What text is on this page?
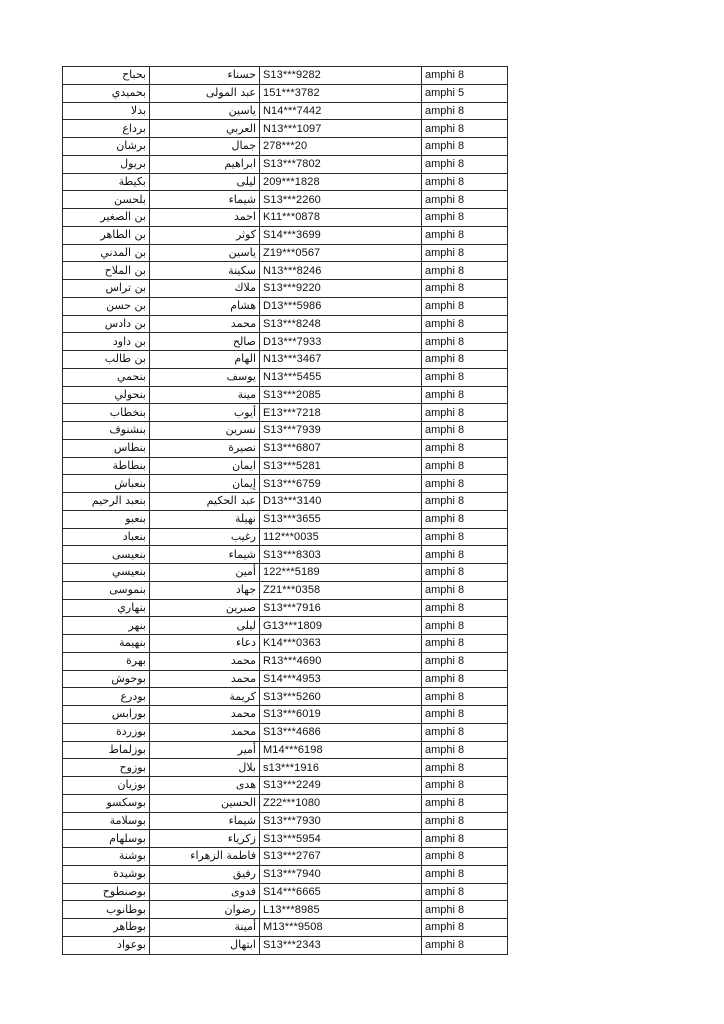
بحباح	حسناء	S13***9282	amphi 8
بحميدي	عبد المولى	151***3782	amphi 5
بدلا	ياسين	N14***7442	amphi 8
برداع	العربي	N13***1097	amphi 8
برشان	جمال	278***20	amphi 8
بريول	ابراهيم	S13***7802	amphi 8
بكيطة	ليلى	209***1828	amphi 8
بلحسن	شيماء	S13***2260	amphi 8
بن الصغير	احمد	K11***0878	amphi 8
بن الطاهر	كوثر	S14***3699	amphi 8
بن المدني	ياسين	Z19***0567	amphi 8
بن الملاح	سكينة	N13***8246	amphi 8
بن تراس	ملاك	S13***9220	amphi 8
بن حسن	هشام	D13***5986	amphi 8
بن دادس	محمد	S13***8248	amphi 8
بن داود	صالح	D13***7933	amphi 8
بن طالب	الهام	N13***3467	amphi 8
بنحمي	يوسف	N13***5455	amphi 8
بنحولي	مينة	S13***2085	amphi 8
بنخطاب	أيوب	E13***7218	amphi 8
بنشنوف	نسرين	S13***7939	amphi 8
بنطاس	نصيرة	S13***6807	amphi 8
بنطاطة	ايمان	S13***5281	amphi 8
بنعباش	إيمان	S13***6759	amphi 8
بنعبد الرحيم	عبد الحكيم	D13***3140	amphi 8
بنعبو	نهيلة	S13***3655	amphi 8
بنعباد	رغيب	112***0035	amphi 8
بنعيسى	شيماء	S13***8303	amphi 8
بنعيسي	أمين	122***5189	amphi 8
بنموسى	جهاد	Z21***0358	amphi 8
بنهاري	صبرين	S13***7916	amphi 8
بنهر	ليلى	G13***1809	amphi 8
بنهيمة	دعاء	K14***0363	amphi 8
بهرة	محمد	R13***4690	amphi 8
بوحوش	محمد	S14***4953	amphi 8
بودرع	كريمة	S13***5260	amphi 8
بورابس	محمد	S13***6019	amphi 8
بوزردة	محمد	S13***4686	amphi 8
بوزلماط	أمير	M14***6198	amphi 8
بوزوح	بلال	s13***1916	amphi 8
بوزيان	هدى	S13***2249	amphi 8
بوسكسو	الحسين	Z22***1080	amphi 8
بوسلامة	شيماء	S13***7930	amphi 8
بوسلهام	زكرياء	S13***5954	amphi 8
بوشنة	فاطمة الزهراء	S13***2767	amphi 8
بوشيدة	رفيق	S13***7940	amphi 8
بوصنطوح	فدوى	S14***6665	amphi 8
بوطانوب	رضوان	L13***8985	amphi 8
بوطاهر	أمينة	M13***9508	amphi 8
بوعواد	ابتهال	S13***2343	amphi 8
